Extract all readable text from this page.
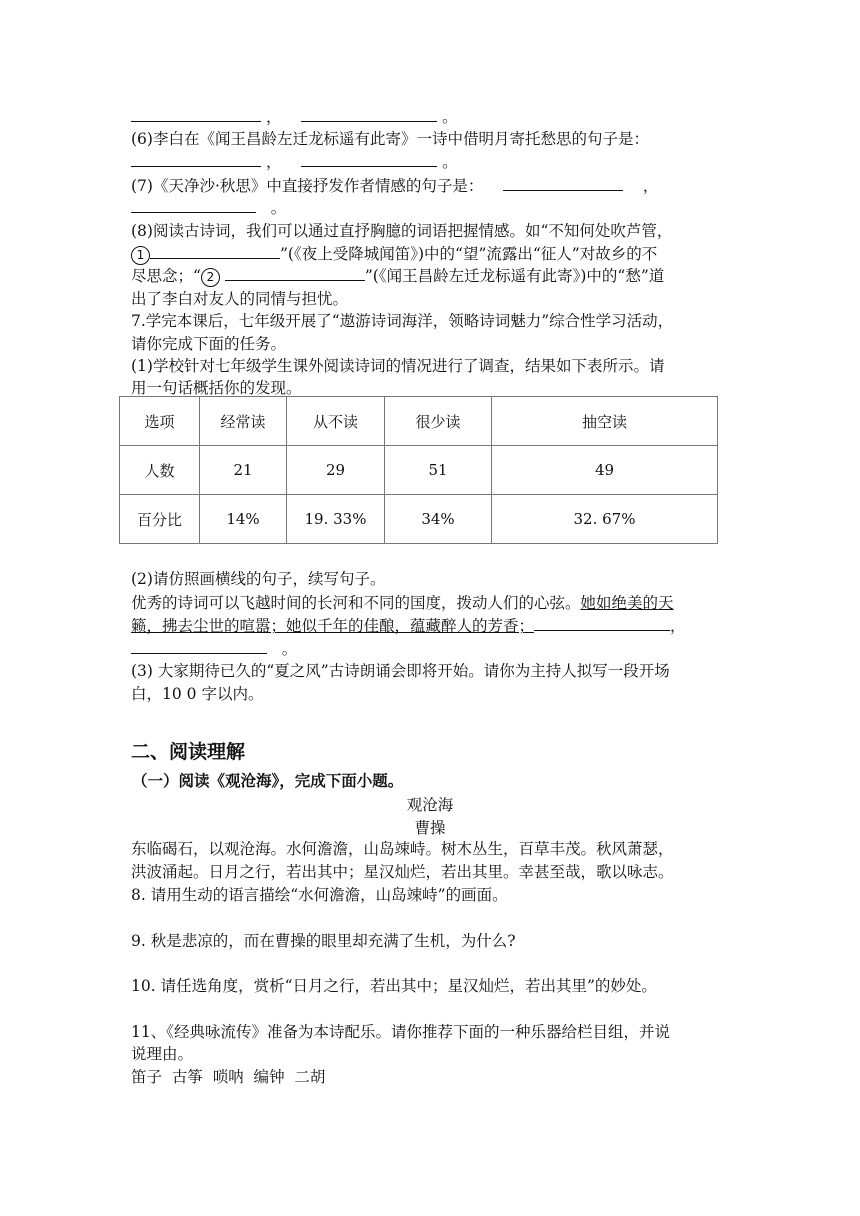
，	。
(6)李白在《闻王昌龄左迁龙标遥有此寄》一诗中借明月寄托愁思的句子是：
，	。
(7)《天净沙·秋思》中直接抒发作者情感的句子是：	，
。
(8)阅读古诗词，我们可以通过直抒胸臆的词语把握情感。如“不知何处吹芦管，
1	”(《夜上受降城闻笛》)中的“望”流露出“征人”对故乡的不
尽思念；“ 2	”(《闻王昌龄左迁龙标遥有此寄》)中的“愁”道
出了李白对友人的同情与担忧。
7.学完本课后，七年级开展了“遨游诗词海洋，领略诗词魅力”综合性学习活动，
请你完成下面的任务。
(1)学校针对七年级学生课外阅读诗词的情况进行了调查，结果如下表所示。请
用一句话概括你的发现。
选项	经常读	从不读	很少读	抽空读
人数	21	29	51	49
百分比	14%	19. 33%	34%	32. 67%
(2)请仿照画横线的句子，续写句子。
优秀的诗词可以飞越时间的长河和不同的国度，拨动人们的心弦。她如绝美的天
籁，拂去尘世的喧嚣；她似千年的佳酿，蕴藏醉人的芳香；	，
。
(3) 大家期待已久的“夏之风”古诗朗诵会即将开始。请你为主持人拟写一段开场
白，10 0 字以内。
二、阅读理解
（一）阅读《观沧海》，完成下面小题。
观沧海
曹操
东临碣石，以观沧海。水何澹澹，山岛竦峙。树木丛生，百草丰茂。秋风萧瑟，
洪波涌起。日月之行，若出其中；星汉灿烂，若出其里。幸甚至哉，歌以咏志。
8. 请用生动的语言描绘“水何澹澹，山岛竦峙”的画面。
9. 秋是悲凉的，而在曹操的眼里却充满了生机，为什么?
10. 请任选角度，赏析“日月之行，若出其中；星汉灿烂，若出其里”的妙处。
11、《经典咏流传》准备为本诗配乐。请你推荐下面的一种乐器给栏目组，并说
说理由。
笛子  古筝  唢呐  编钟  二胡
